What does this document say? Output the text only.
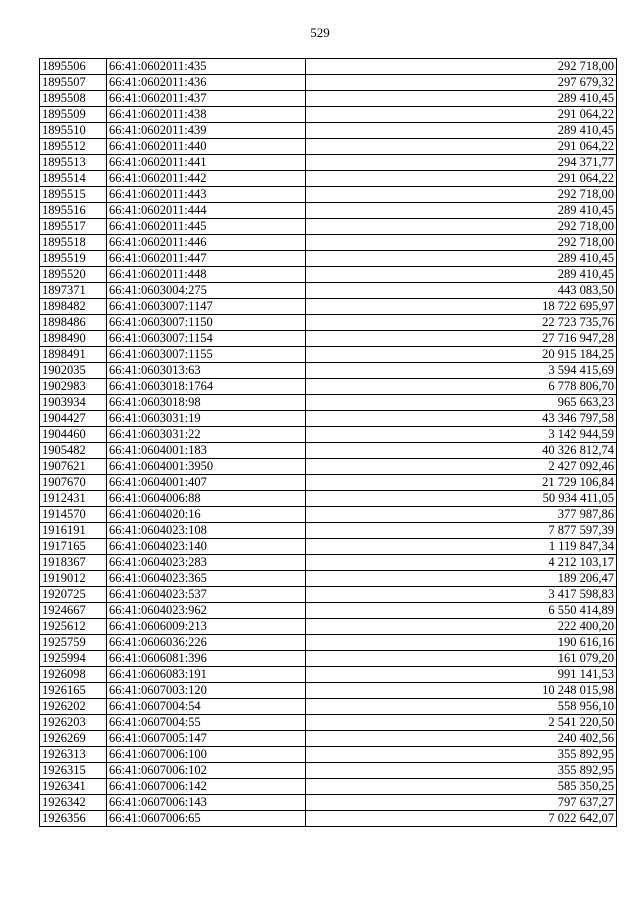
529
1895506	66:41:0602011:435	292 718,00
1895507	66:41:0602011:436	297 679,32
1895508	66:41:0602011:437	289 410,45
1895509	66:41:0602011:438	291 064,22
1895510	66:41:0602011:439	289 410,45
1895512	66:41:0602011:440	291 064,22
1895513	66:41:0602011:441	294 371,77
1895514	66:41:0602011:442	291 064,22
1895515	66:41:0602011:443	292 718,00
1895516	66:41:0602011:444	289 410,45
1895517	66:41:0602011:445	292 718,00
1895518	66:41:0602011:446	292 718,00
1895519	66:41:0602011:447	289 410,45
1895520	66:41:0602011:448	289 410,45
1897371	66:41:0603004:275	443 083,50
1898482	66:41:0603007:1147	18 722 695,97
1898486	66:41:0603007:1150	22 723 735,76
1898490	66:41:0603007:1154	27 716 947,28
1898491	66:41:0603007:1155	20 915 184,25
1902035	66:41:0603013:63	3 594 415,69
1902983	66:41:0603018:1764	6 778 806,70
1903934	66:41:0603018:98	965 663,23
1904427	66:41:0603031:19	43 346 797,58
1904460	66:41:0603031:22	3 142 944,59
1905482	66:41:0604001:183	40 326 812,74
1907621	66:41:0604001:3950	2 427 092,46
1907670	66:41:0604001:407	21 729 106,84
1912431	66:41:0604006:88	50 934 411,05
1914570	66:41:0604020:16	377 987,86
1916191	66:41:0604023:108	7 877 597,39
1917165	66:41:0604023:140	1 119 847,34
1918367	66:41:0604023:283	4 212 103,17
1919012	66:41:0604023:365	189 206,47
1920725	66:41:0604023:537	3 417 598,83
1924667	66:41:0604023:962	6 550 414,89
1925612	66:41:0606009:213	222 400,20
1925759	66:41:0606036:226	190 616,16
1925994	66:41:0606081:396	161 079,20
1926098	66:41:0606083:191	991 141,53
1926165	66:41:0607003:120	10 248 015,98
1926202	66:41:0607004:54	558 956,10
1926203	66:41:0607004:55	2 541 220,50
1926269	66:41:0607005:147	240 402,56
1926313	66:41:0607006:100	355 892,95
1926315	66:41:0607006:102	355 892,95
1926341	66:41:0607006:142	585 350,25
1926342	66:41:0607006:143	797 637,27
1926356	66:41:0607006:65	7 022 642,07
